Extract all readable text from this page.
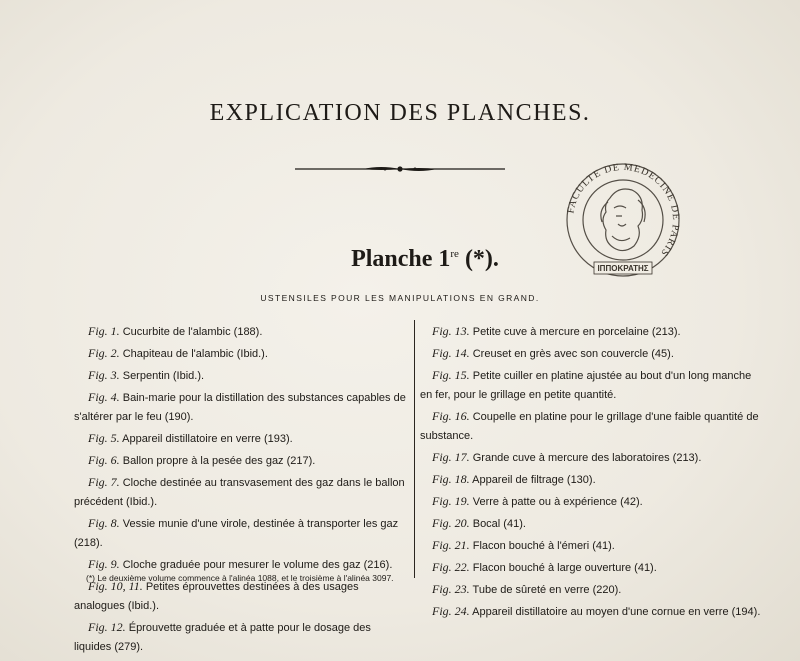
EXPLICATION DES PLANCHES.
FACULTE DE MEDECINE DE PARIS
ΙΠΠΟΚΡΑΤΗΣ
Planche 1re (*).
USTENSILES POUR LES MANIPULATIONS EN GRAND.
Fig. 1. Cucurbite de l'alambic (188).
Fig. 2. Chapiteau de l'alambic (Ibid.).
Fig. 3. Serpentin (Ibid.).
Fig. 4. Bain-marie pour la distillation des substances capables de s'altérer par le feu (190).
Fig. 5. Appareil distillatoire en verre (193).
Fig. 6. Ballon propre à la pesée des gaz (217).
Fig. 7. Cloche destinée au transvasement des gaz dans le ballon précédent (Ibid.).
Fig. 8. Vessie munie d'une virole, destinée à transporter les gaz (218).
Fig. 9. Cloche graduée pour mesurer le volume des gaz (216).
Fig. 10, 11. Petites éprouvettes destinées à des usages analogues (Ibid.).
Fig. 12. Éprouvette graduée et à patte pour le dosage des liquides (279).
Fig. 13. Petite cuve à mercure en porcelaine (213).
Fig. 14. Creuset en grès avec son couvercle (45).
Fig. 15. Petite cuiller en platine ajustée au bout d'un long manche en fer, pour le grillage en petite quantité.
Fig. 16. Coupelle en platine pour le grillage d'une faible quantité de substance.
Fig. 17. Grande cuve à mercure des laboratoires (213).
Fig. 18. Appareil de filtrage (130).
Fig. 19. Verre à patte ou à expérience (42).
Fig. 20. Bocal (41).
Fig. 21. Flacon bouché à l'émeri (41).
Fig. 22. Flacon bouché à large ouverture (41).
Fig. 23. Tube de sûreté en verre (220).
Fig. 24. Appareil distillatoire au moyen d'une cornue en verre (194).
(*) Le deuxième volume commence à l'alinéa 1088, et le troisième à l'alinéa 3097.
